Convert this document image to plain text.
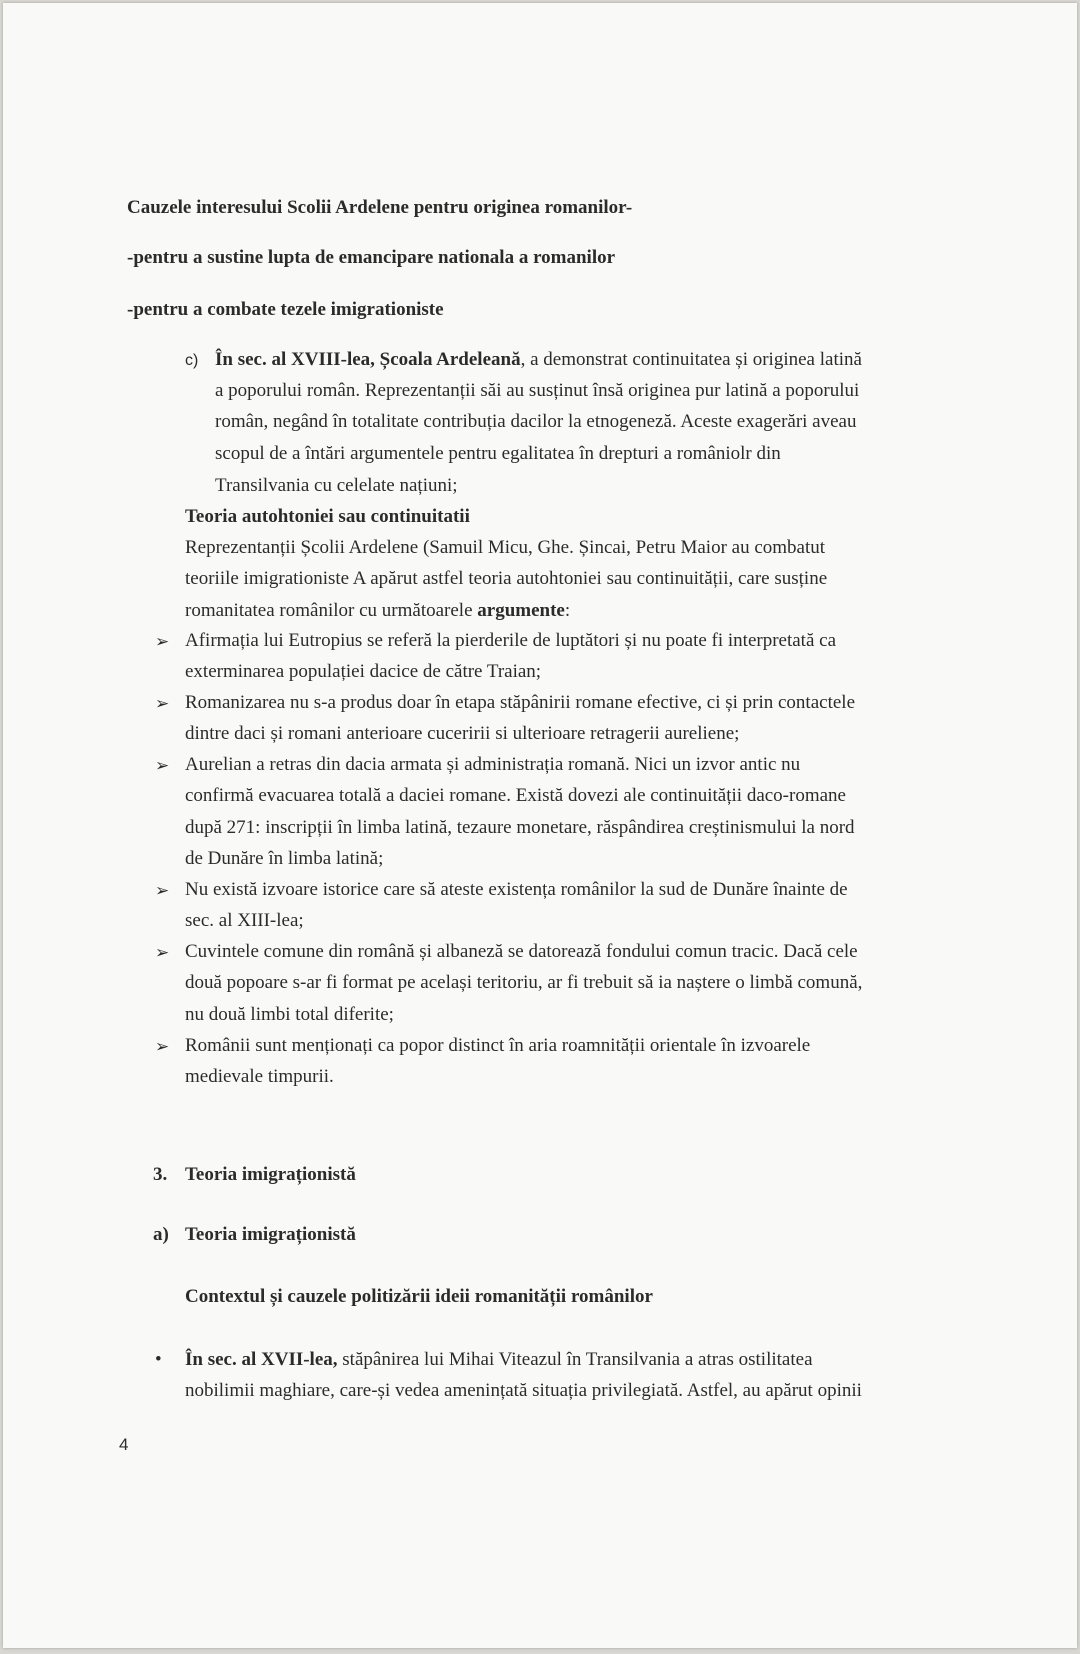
Cauzele interesului Scolii Ardelene pentru originea romanilor-
-pentru a sustine lupta de emancipare nationala a romanilor
-pentru a combate tezele imigrationiste
c) În sec. al XVIII-lea, Școala Ardeleană, a demonstrat continuitatea și originea latină
a poporului român. Reprezentanții săi au susținut însă originea pur latină a poporului
român, negând în totalitate contribuția dacilor la etnogeneză. Aceste exagerări aveau
scopul de a întări argumentele pentru egalitatea în drepturi a româniolr din
Transilvania cu celelate națiuni;
Teoria autohtoniei sau continuitatii
Reprezentanții Școlii Ardelene (Samuil Micu, Ghe. Șincai, Petru Maior au combatut
teoriile imigrationiste A apărut astfel teoria autohtoniei sau continuității, care susține
romanitatea românilor cu următoarele argumente:
➢ Afirmația lui Eutropius se referă la pierderile de luptători și nu poate fi interpretată ca
exterminarea populației dacice de către Traian;
➢ Romanizarea nu s-a produs doar în etapa stăpânirii romane efective, ci și prin contactele
dintre daci și romani anterioare cuceririi si ulterioare retragerii aureliene;
➢ Aurelian a retras din dacia armata și administrația romană. Nici un izvor antic nu
confirmă evacuarea totală a daciei romane. Există dovezi ale continuității daco-romane
după 271: inscripții în limba latină, tezaure monetare, răspândirea creștinismului la nord
de Dunăre în limba latină;
➢ Nu există izvoare istorice care să ateste existența românilor la sud de Dunăre înainte de
sec. al XIII-lea;
➢ Cuvintele comune din română și albaneză se datorează fondului comun tracic. Dacă cele
două popoare s-ar fi format pe același teritoriu, ar fi trebuit să ia naștere o limbă comună,
nu două limbi total diferite;
➢ Românii sunt menționați ca popor distinct în aria roamnității orientale în izvoarele
medievale timpurii.
3. Teoria imigraționistă
a) Teoria imigraționistă
Contextul și cauzele politizării ideii romanității românilor
• În sec. al XVII-lea, stăpânirea lui Mihai Viteazul în Transilvania a atras ostilitatea
nobilimii maghiare, care-și vedea amenințată situația privilegiată. Astfel, au apărut opinii
4
